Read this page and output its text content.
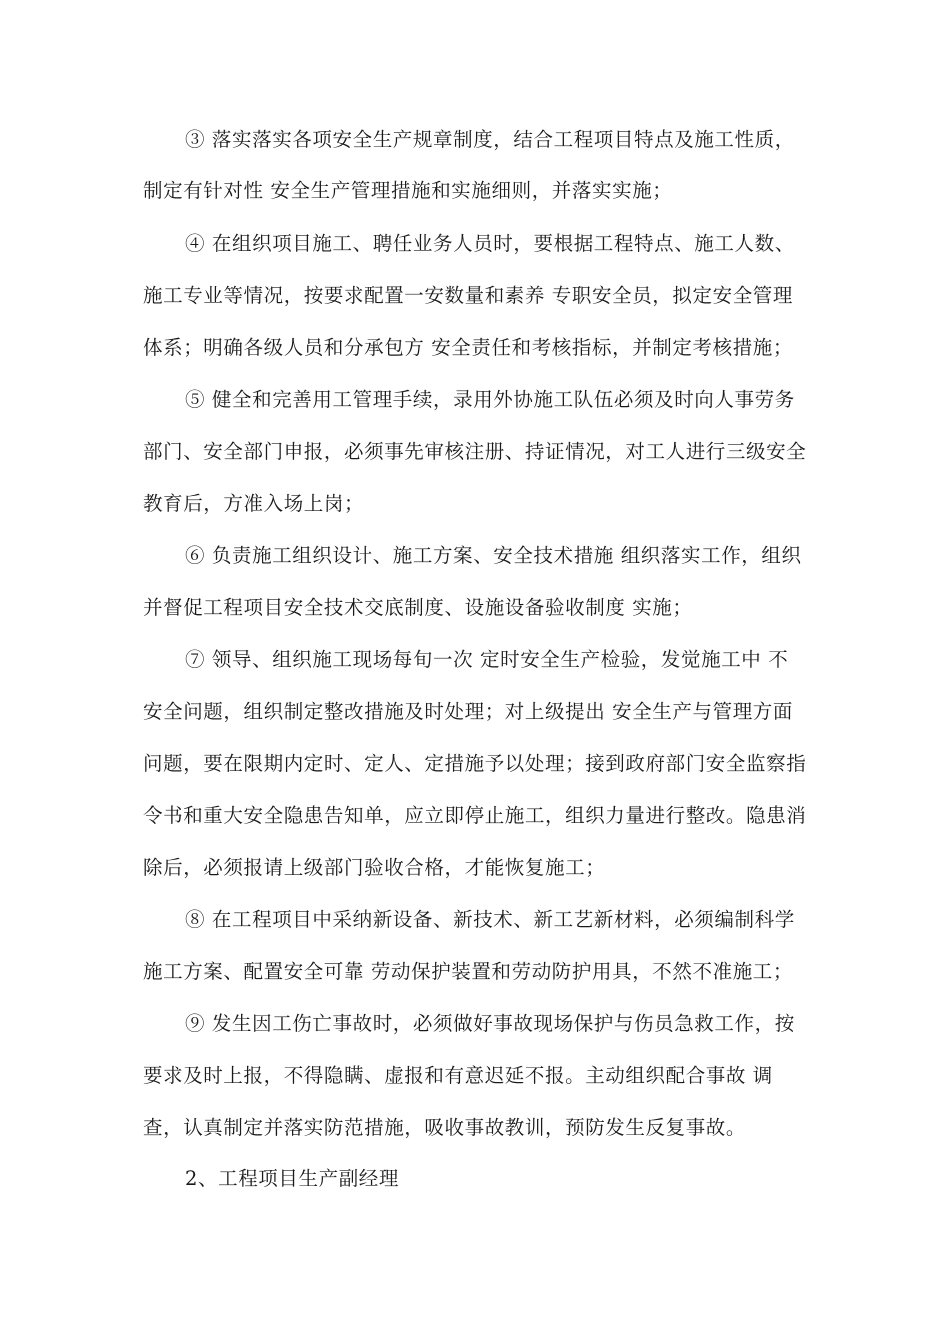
③ 落实落实各项安全生产规章制度，结合工程项目特点及施工性质，
制定有针对性 安全生产管理措施和实施细则，并落实实施；
④ 在组织项目施工、聘任业务人员时，要根据工程特点、施工人数、
施工专业等情况，按要求配置一安数量和素养 专职安全员，拟定安全管理
体系；明确各级人员和分承包方 安全责任和考核指标，并制定考核措施；
⑤ 健全和完善用工管理手续，录用外协施工队伍必须及时向人事劳务
部门、安全部门申报，必须事先审核注册、持证情况，对工人进行三级安全
教育后，方准入场上岗；
⑥ 负责施工组织设计、施工方案、安全技术措施 组织落实工作，组织
并督促工程项目安全技术交底制度、设施设备验收制度 实施；
⑦ 领导、组织施工现场每旬一次 定时安全生产检验，发觉施工中 不
安全问题，组织制定整改措施及时处理；对上级提出 安全生产与管理方面
问题，要在限期内定时、定人、定措施予以处理；接到政府部门安全监察指
令书和重大安全隐患告知单，应立即停止施工，组织力量进行整改。隐患消
除后，必须报请上级部门验收合格，才能恢复施工；
⑧ 在工程项目中采纳新设备、新技术、新工艺新材料，必须编制科学
施工方案、配置安全可靠 劳动保护装置和劳动防护用具，不然不准施工；
⑨ 发生因工伤亡事故时，必须做好事故现场保护与伤员急救工作，按
要求及时上报，不得隐瞒、虚报和有意迟延不报。主动组织配合事故 调
查，认真制定并落实防范措施，吸收事故教训，预防发生反复事故。
2、工程项目生产副经理
